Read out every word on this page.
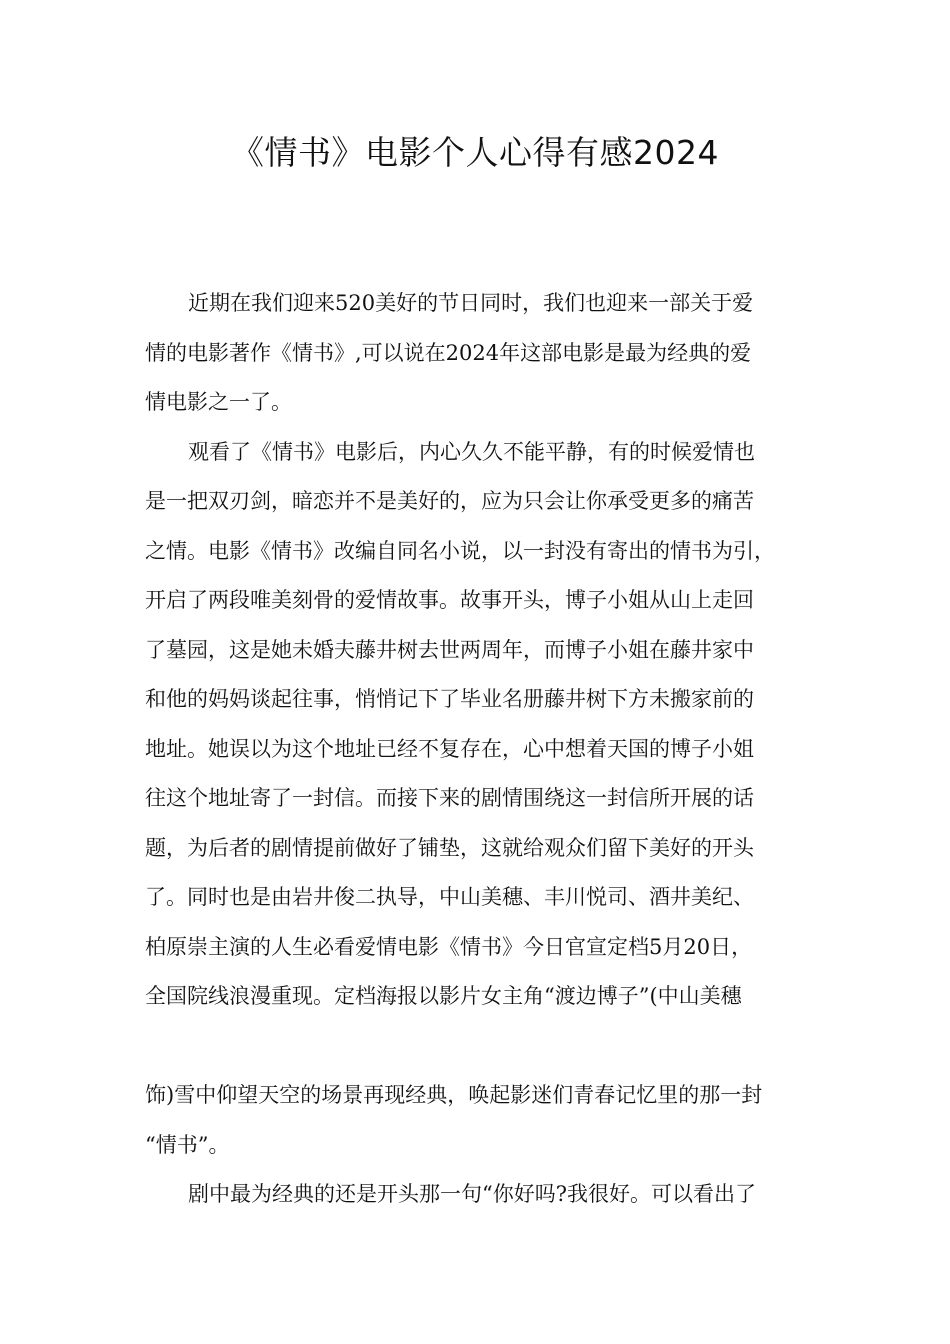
《情书》电影个人心得有感2024
近期在我们迎来520美好的节日同时，我们也迎来一部关于爱
情的电影著作《情书》,可以说在2024年这部电影是最为经典的爱
情电影之一了。
观看了《情书》电影后，内心久久不能平静，有的时候爱情也
是一把双刃剑，暗恋并不是美好的，应为只会让你承受更多的痛苦
之情。电影《情书》改编自同名小说，以一封没有寄出的情书为引，
开启了两段唯美刻骨的爱情故事。故事开头，博子小姐从山上走回
了墓园，这是她未婚夫藤井树去世两周年，而博子小姐在藤井家中
和他的妈妈谈起往事，悄悄记下了毕业名册藤井树下方未搬家前的
地址。她误以为这个地址已经不复存在，心中想着天国的博子小姐
往这个地址寄了一封信。而接下来的剧情围绕这一封信所开展的话
题，为后者的剧情提前做好了铺垫，这就给观众们留下美好的开头
了。同时也是由岩井俊二执导，中山美穗、丰川悦司、酒井美纪、
柏原崇主演的人生必看爱情电影《情书》今日官宣定档5月20日，
全国院线浪漫重现。定档海报以影片女主角“渡边博子”(中山美穗
饰)雪中仰望天空的场景再现经典，唤起影迷们青春记忆里的那一封
“情书”。
剧中最为经典的还是开头那一句“你好吗?我很好。可以看出了
